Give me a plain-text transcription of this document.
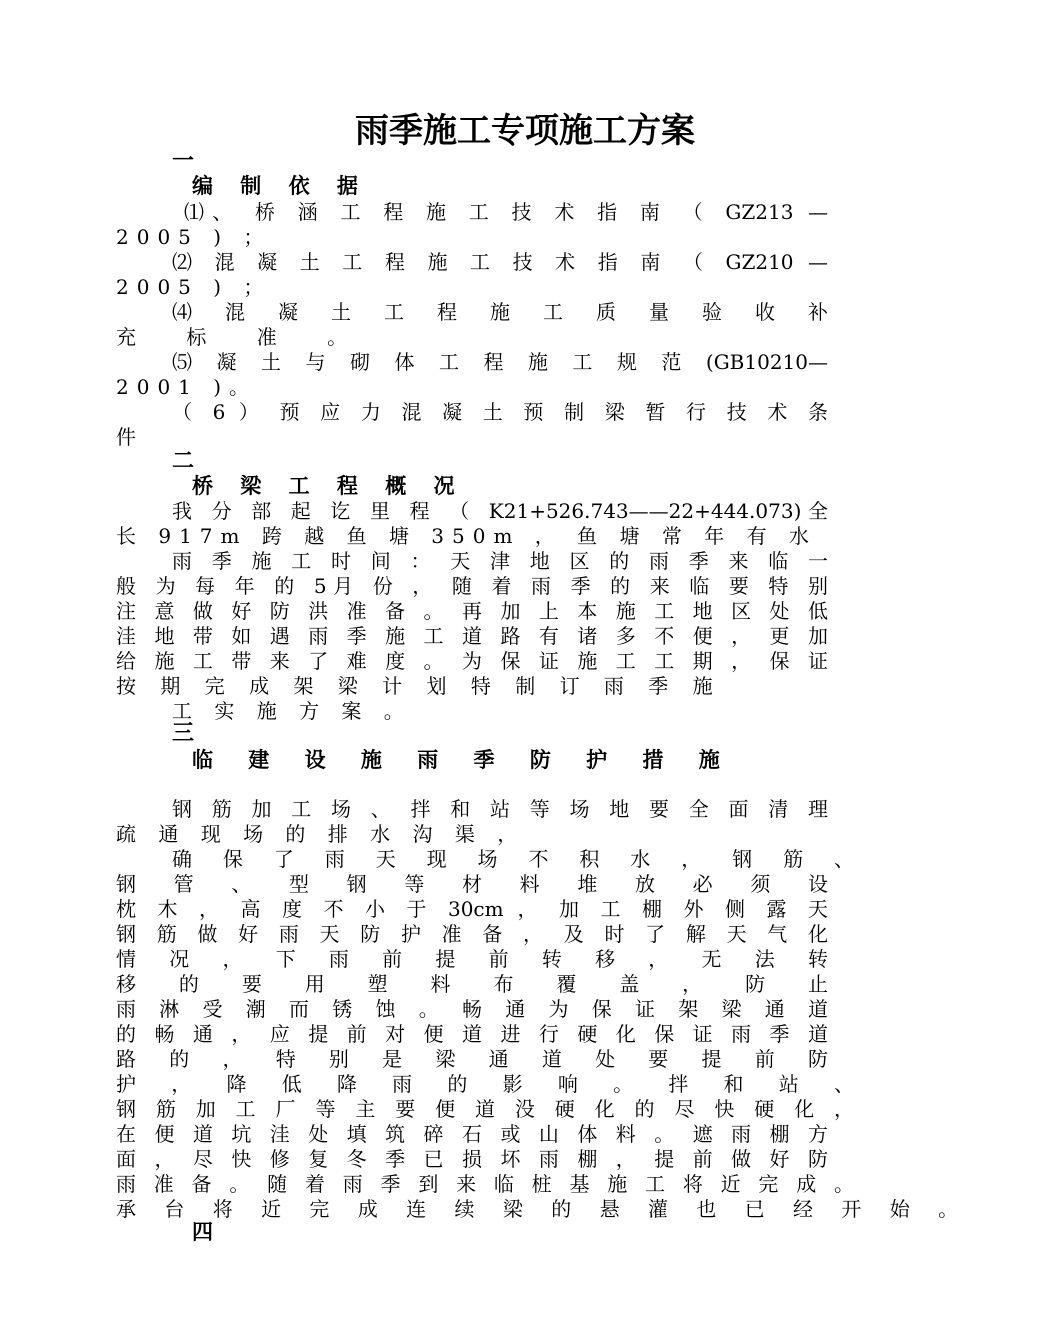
雨季施工专项施工方案
一
编 制 依 据
⑴、 桥 涵 工 程 施 工 技 术 指 南 （ GZ213 —
2005 ) ；
⑵ 混 凝 土 工 程 施 工 技 术 指 南 （ GZ210 —
2005 ) ；
⑷ 混 凝 土 工 程 施 工 质 量 验 收 补
充 标 准 。
⑸ 凝 土 与 砌 体 工 程 施 工 规 范 (GB10210—
2001 )。
（ 6 ） 预 应 力 混 凝 土 预 制 梁 暂 行 技 术 条
件
二
桥 梁 工 程 概 况
我 分 部 起 讫 里 程 （ K21+526.743——22+444.073)全
长 917m 跨 越 鱼 塘 350m ， 鱼 塘 常 年 有 水
雨 季 施 工 时 间 ： 天 津 地 区 的 雨 季 来 临 一
般 为 每 年 的 5月 份 ， 随 着 雨 季 的 来 临 要 特 别
注 意 做 好 防 洪 准 备 。 再 加 上 本 施 工 地 区 处 低
洼 地 带 如 遇 雨 季 施 工 道 路 有 诸 多 不 便 ， 更 加
给 施 工 带 来 了 难 度 。 为 保 证 施 工 工 期 ， 保 证
按 期 完 成 架 梁 计 划 特 制 订 雨 季 施
工 实 施 方 案 。
三
临 建 设 施 雨 季 防 护 措 施
钢 筋 加 工 场 、 拌 和 站 等 场 地 要 全 面 清 理
疏 通 现 场 的 排 水 沟 渠 ，
确 保 了 雨 天 现 场 不 积 水 ， 钢 筋 、
钢 管 、 型 钢 等 材 料 堆 放 必 须 设
枕 木 ， 高 度 不 小 于 30cm ， 加 工 棚 外 侧 露 天
钢 筋 做 好 雨 天 防 护 准 备 ， 及 时 了 解 天 气 化
情 况 ， 下 雨 前 提 前 转 移 ， 无 法 转
移 的 要 用 塑 料 布 覆 盖 ， 防 止
雨 淋 受 潮 而 锈 蚀 。 畅 通 为 保 证 架 梁 通 道
的 畅 通 ， 应 提 前 对 便 道 进 行 硬 化 保 证 雨 季 道
路 的 ， 特 别 是 梁 通 道 处 要 提 前 防
护 ， 降 低 降 雨 的 影 响 。 拌 和 站 、
钢 筋 加 工 厂 等 主 要 便 道 没 硬 化 的 尽 快 硬 化 ，
在 便 道 坑 洼 处 填 筑 碎 石 或 山 体 料 。 遮 雨 棚 方
面 ， 尽 快 修 复 冬 季 已 损 坏 雨 棚 ， 提 前 做 好 防
雨 准 备 。 随 着 雨 季 到 来 临 桩 基 施 工 将 近 完 成 。
承 台 将 近 完 成 连 续 梁 的 悬 灌 也 已 经 开 始 。
四
